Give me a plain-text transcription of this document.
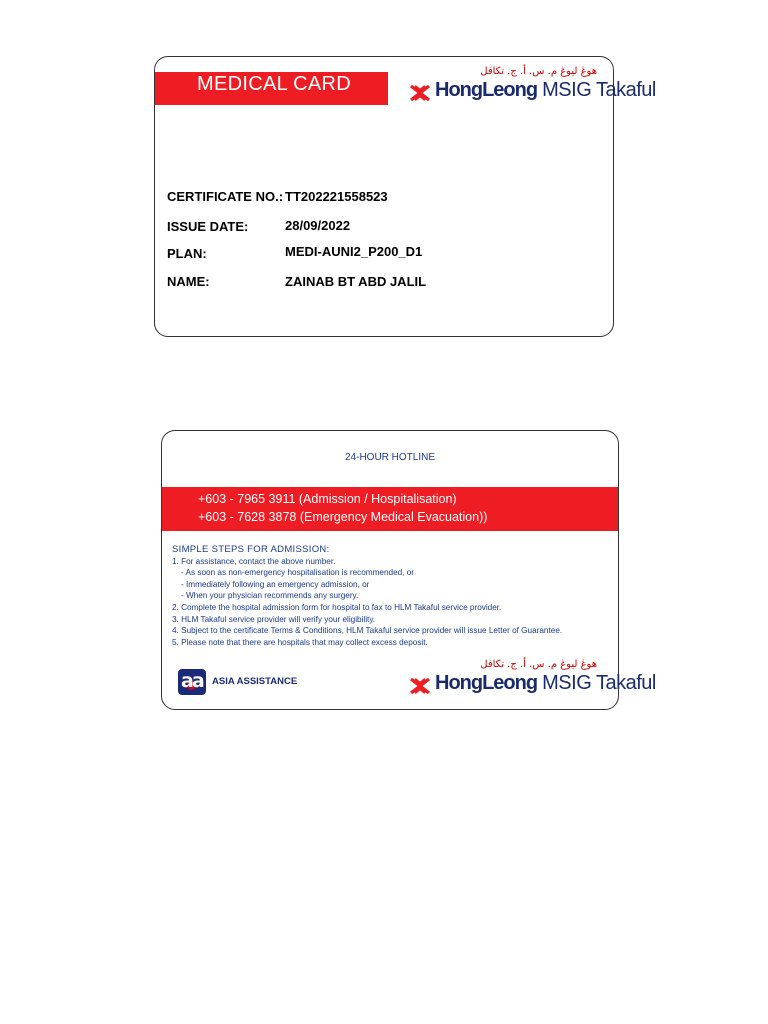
MEDICAL CARD
هوڠ ليوڠ م. س. أ. ج. تكافل
HongLeong MSIG Takaful
CERTIFICATE NO.: TT202221558523
ISSUE DATE:	28/09/2022
PLAN:	MEDI-AUNI2_P200_D1
NAME:	ZAINAB BT ABD JALIL
24-HOUR HOTLINE
+603 - 7965 3911 (Admission / Hospitalisation)
+603 - 7628 3878 (Emergency Medical Evacuation))
SIMPLE STEPS FOR ADMISSION:
1. For assistance, contact the above number.
- As soon as non-emergency hospitalisation is recommended, or
- Immediately following an emergency admission, or
- When your physician recommends any surgery.
2. Complete the hospital admission form for hospital to fax to HLM Takaful service provider.
3. HLM Takaful service provider will verify your eligibility.
4. Subject to the certificate Terms & Conditions, HLM Takaful service provider will issue Letter of Guarantee.
5. Please note that there are hospitals that may collect excess deposit.
aa ASIA ASSISTANCE
هوڠ ليوڠ م. س. أ. ج. تكافل
HongLeong MSIG Takaful
